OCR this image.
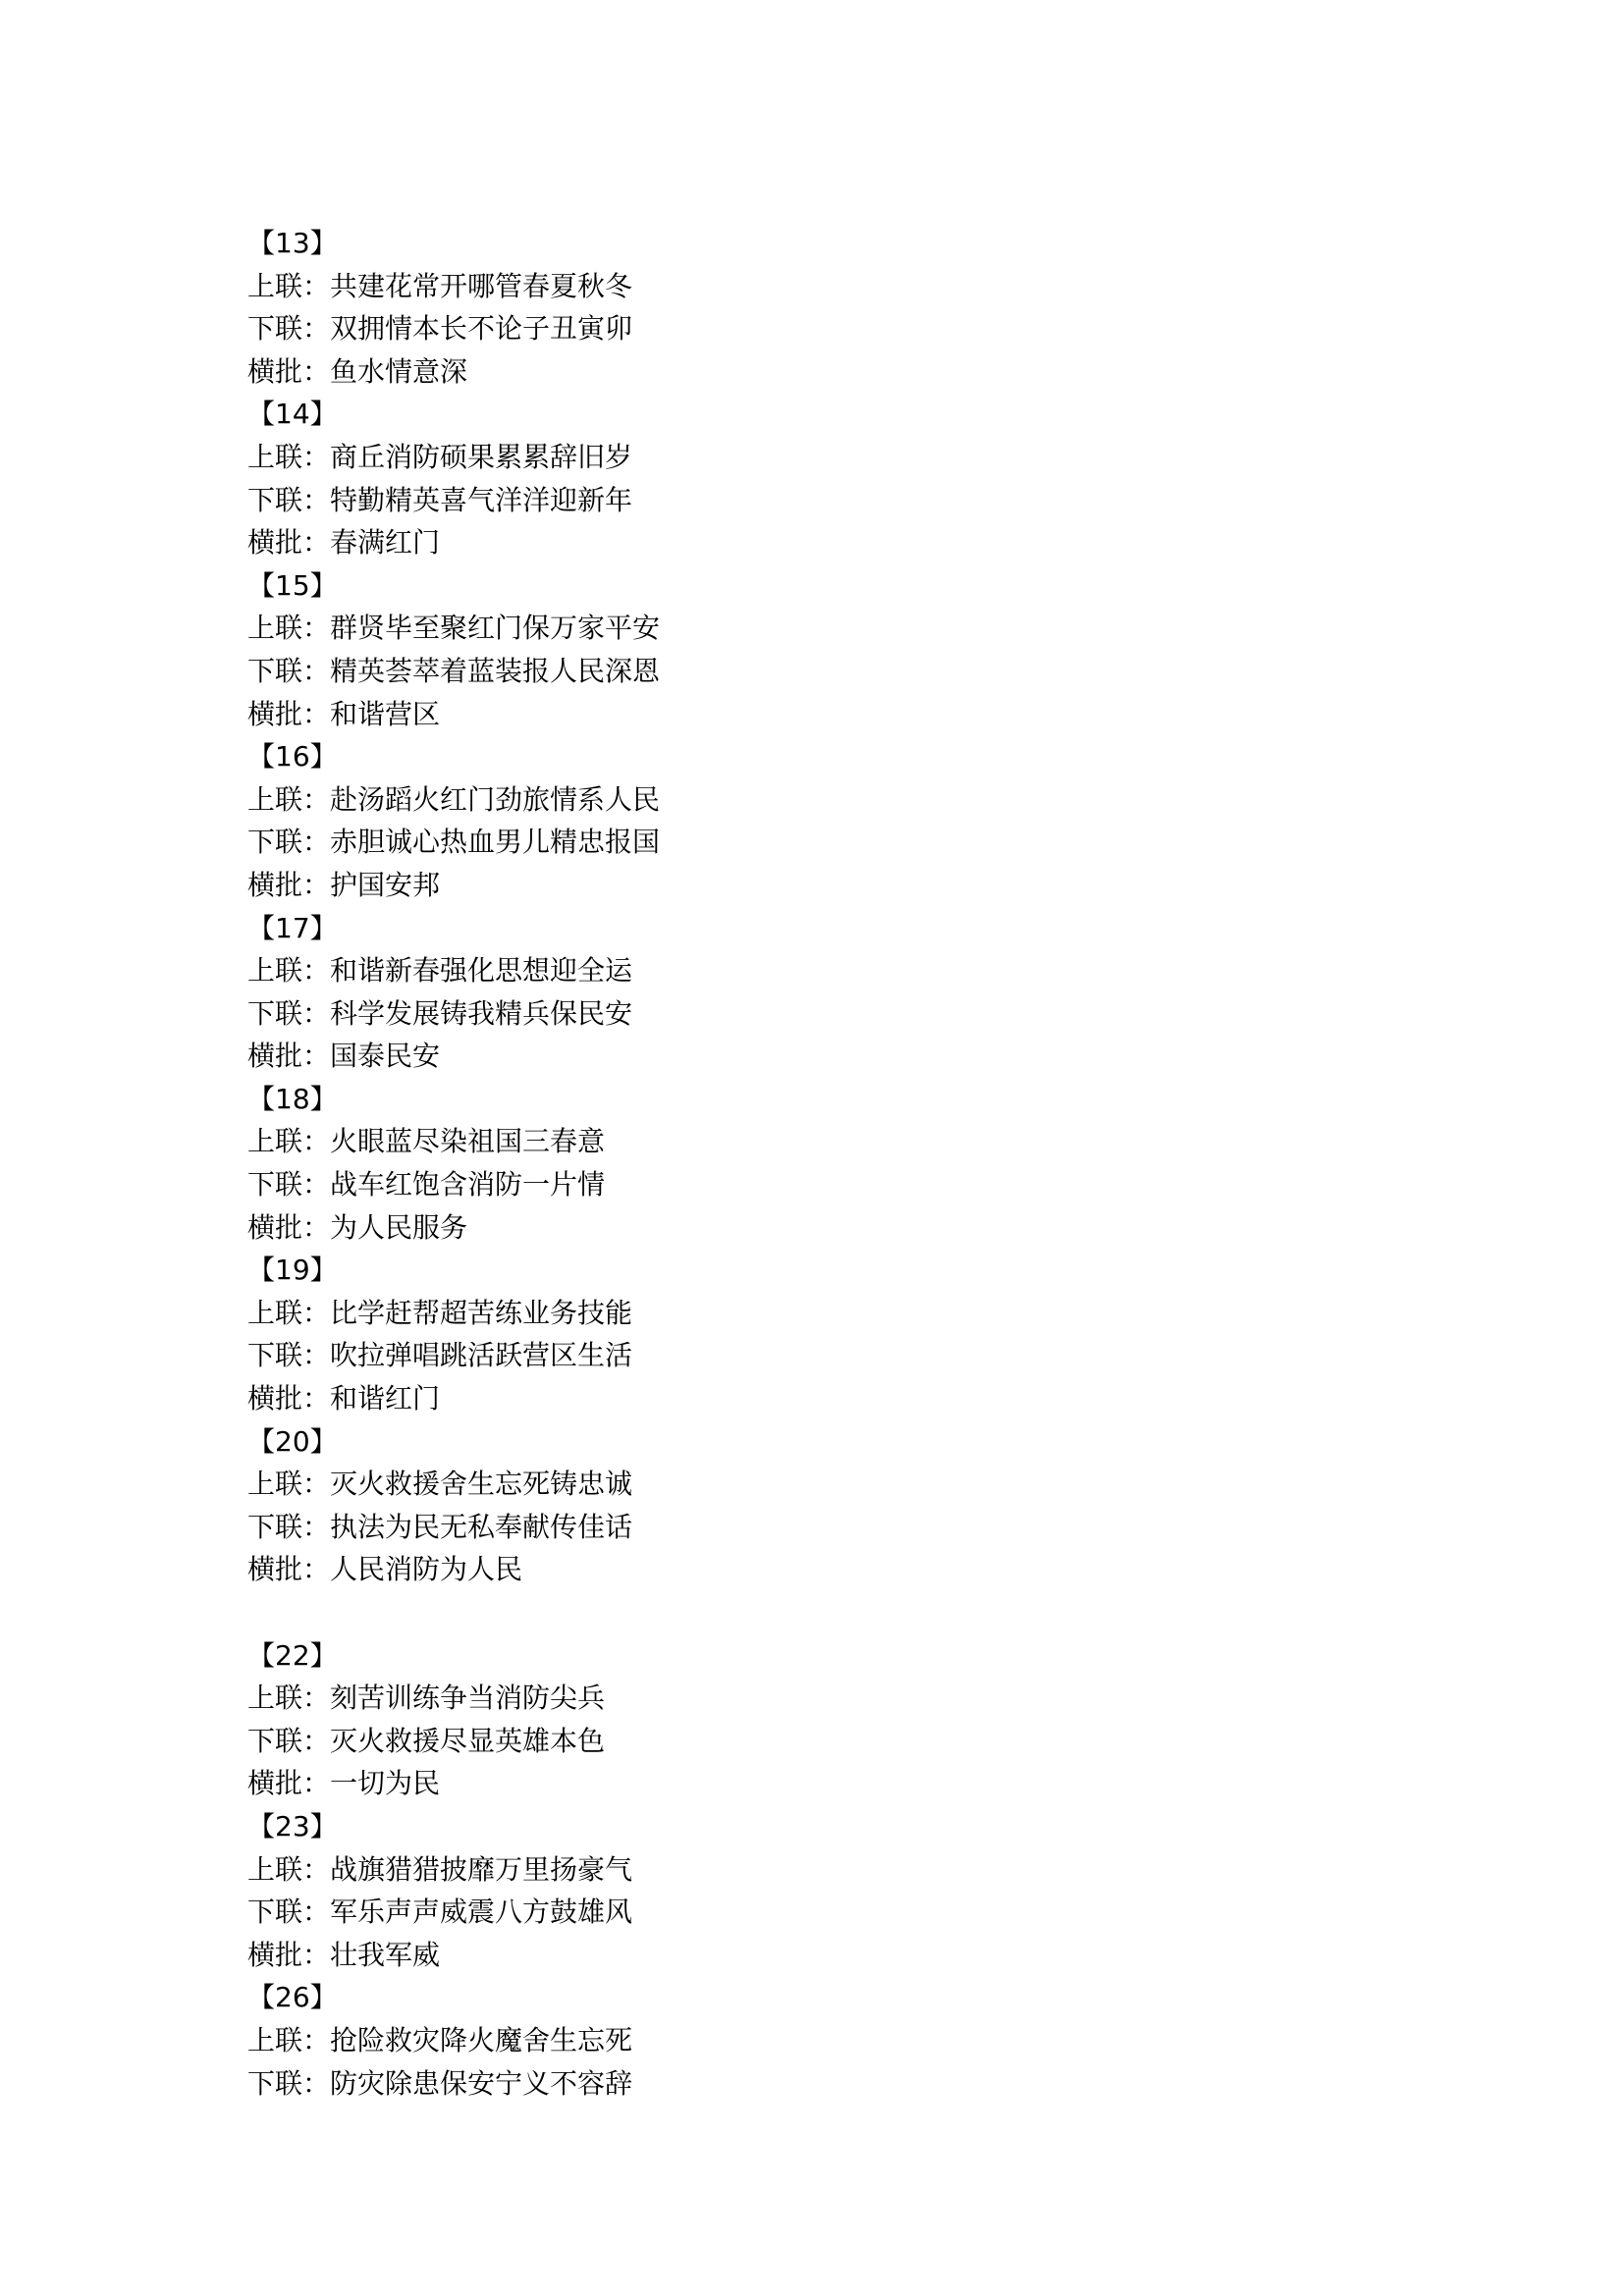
【13】
上联：共建花常开哪管春夏秋冬
下联：双拥情本长不论子丑寅卯
横批：鱼水情意深
【14】
上联：商丘消防硕果累累辞旧岁
下联：特勤精英喜气洋洋迎新年
横批：春满红门
【15】
上联：群贤毕至聚红门保万家平安
下联：精英荟萃着蓝装报人民深恩
横批：和谐营区
【16】
上联：赴汤蹈火红门劲旅情系人民
下联：赤胆诚心热血男儿精忠报国
横批：护国安邦
【17】
上联：和谐新春强化思想迎全运
下联：科学发展铸我精兵保民安
横批：国泰民安
【18】
上联：火眼蓝尽染祖国三春意
下联：战车红饱含消防一片情
横批：为人民服务
【19】
上联：比学赶帮超苦练业务技能
下联：吹拉弹唱跳活跃营区生活
横批：和谐红门
【20】
上联：灭火救援舍生忘死铸忠诚
下联：执法为民无私奉献传佳话
横批：人民消防为人民
【22】
上联：刻苦训练争当消防尖兵
下联：灭火救援尽显英雄本色
横批：一切为民
【23】
上联：战旗猎猎披靡万里扬豪气
下联：军乐声声威震八方鼓雄风
横批：壮我军威
【26】
上联：抢险救灾降火魔舍生忘死
下联：防灾除患保安宁义不容辞
